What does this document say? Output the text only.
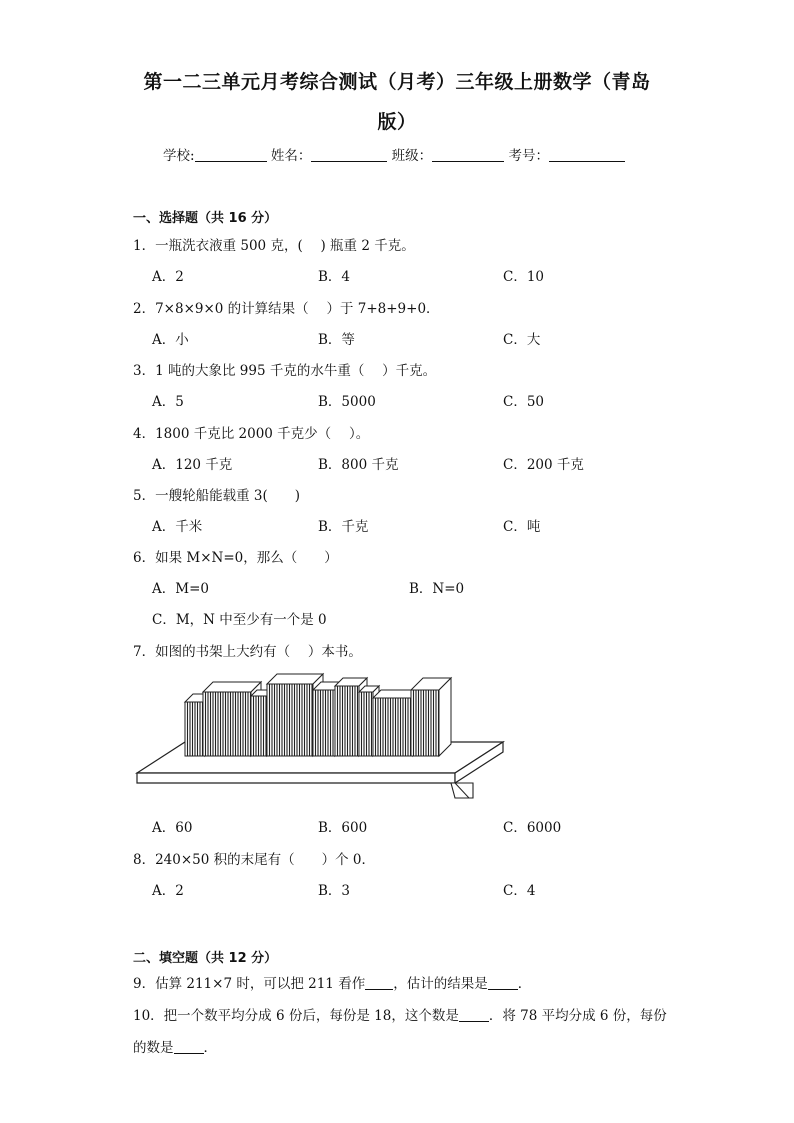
第一二三单元月考综合测试（月考）三年级上册数学（青岛
版）
学校:	姓名：	班级：	考号：
一、选择题（共 16 分）
1．一瓶洗衣液重 500 克，(　 ) 瓶重 2 千克。
A．2	B．4	C．10
2．7×8×9×0 的计算结果（　 ）于 7+8+9+0．
A．小	B．等	C．大
3．1 吨的大象比 995 千克的水牛重（　 ）千克。
A．5	B．5000	C．50
4．1800 千克比 2000 千克少（　 ）。
A．120 千克	B．800 千克	C．200 千克
5．一艘轮船能载重 3(　　)
A．千米	B．千克	C．吨
6．如果 M×N=0，那么（　　）
A．M=0	B．N=0
C．M，N 中至少有一个是 0
7．如图的书架上大约有（　 ）本书。
A．60	B．600	C．6000
8．240×50 积的末尾有（　　）个 0．
A．2	B．3	C．4
二、填空题（共 12 分）
9．估算 211×7 时，可以把 211 看作 ，估计的结果是 ．
10．把一个数平均分成 6 份后，每份是 18，这个数是 ．将 78 平均分成 6 份，每份
的数是 ．
